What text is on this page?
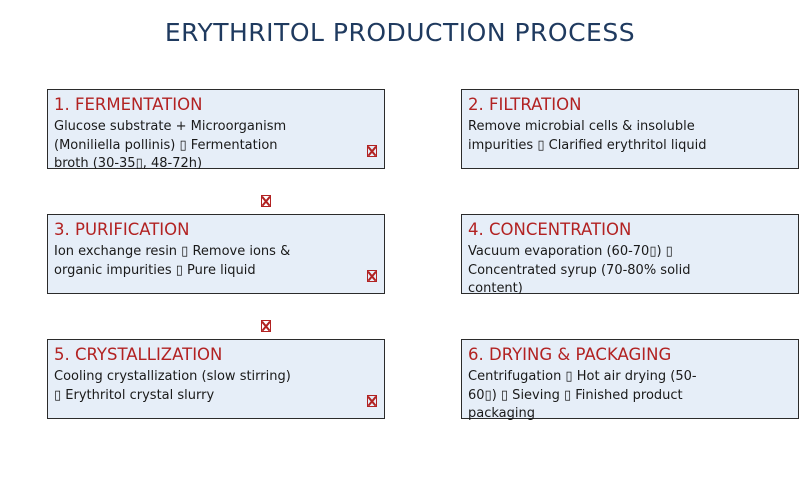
ERYTHRITOL PRODUCTION PROCESS
1. FERMENTATION
Glucose substrate + Microorganism (Moniliella pollinis) ▯ Fermentation broth (30-35▯, 48-72h)
2. FILTRATION
Remove microbial cells & insoluble impurities ▯ Clarified erythritol liquid
3. PURIFICATION
Ion exchange resin ▯ Remove ions & organic impurities ▯ Pure liquid
4. CONCENTRATION
Vacuum evaporation (60-70▯) ▯ Concentrated syrup (70-80% solid content)
5. CRYSTALLIZATION
Cooling crystallization (slow stirring) ▯ Erythritol crystal slurry
6. DRYING & PACKAGING
Centrifugation ▯ Hot air drying (50-60▯) ▯ Sieving ▯ Finished product packaging
